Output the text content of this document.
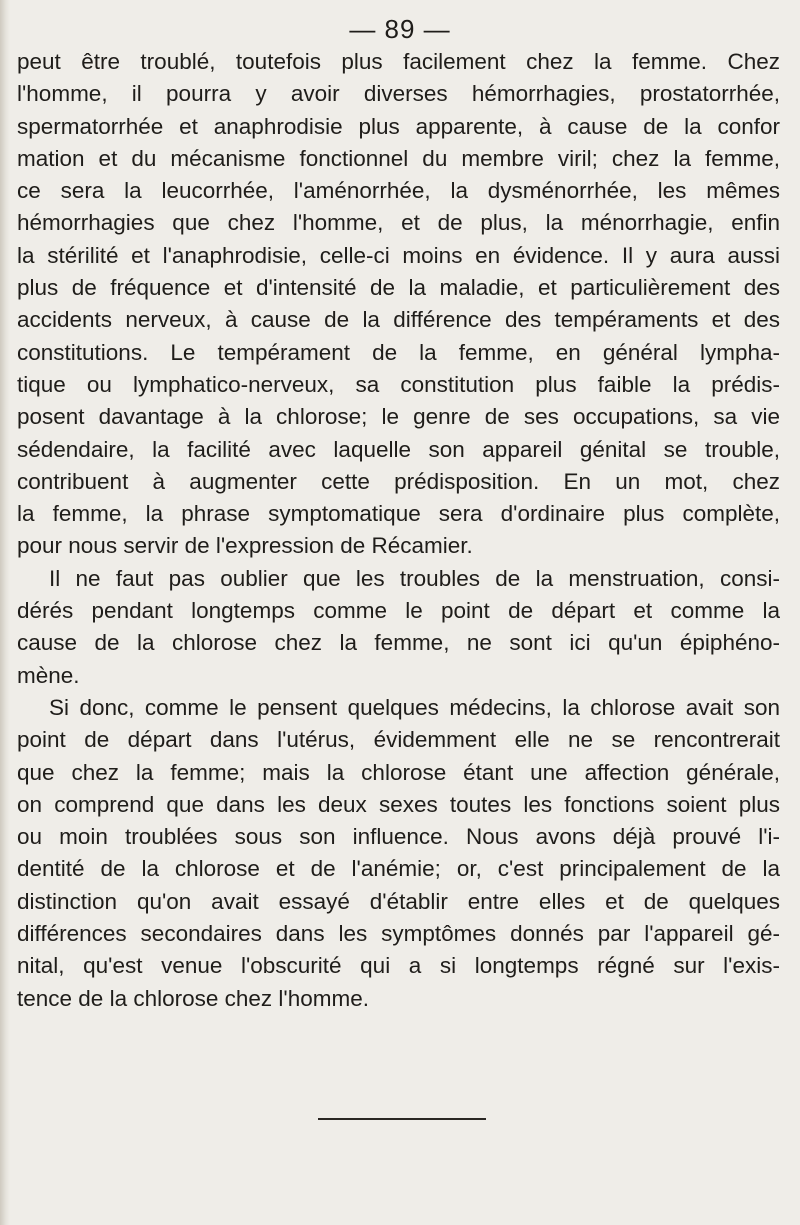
— 89 —
peut être troublé, toutefois plus facilement chez la femme. Chez
l'homme, il pourra y avoir diverses hémorrhagies, prostatorrhée,
spermatorrhée et anaphrodisie plus apparente, à cause de la confor
mation et du mécanisme fonctionnel du membre viril; chez la femme,
ce sera la leucorrhée, l'aménorrhée, la dysménorrhée, les mêmes
hémorrhagies que chez l'homme, et de plus, la ménorrhagie, enfin
la stérilité et l'anaphrodisie, celle-ci moins en évidence. Il y aura aussi
plus de fréquence et d'intensité de la maladie, et particulièrement des
accidents nerveux, à cause de la différence des tempéraments et des
constitutions. Le tempérament de la femme, en général lympha-
tique ou lymphatico-nerveux, sa constitution plus faible la prédis-
posent davantage à la chlorose; le genre de ses occupations, sa vie
sédendaire, la facilité avec laquelle son appareil génital se trouble,
contribuent à augmenter cette prédisposition. En un mot, chez
la femme, la phrase symptomatique sera d'ordinaire plus complète,
pour nous servir de l'expression de Récamier.
Il ne faut pas oublier que les troubles de la menstruation, consi-
dérés pendant longtemps comme le point de départ et comme la
cause de la chlorose chez la femme, ne sont ici qu'un épiphéno-
mène.
Si donc, comme le pensent quelques médecins, la chlorose avait son
point de départ dans l'utérus, évidemment elle ne se rencontrerait
que chez la femme; mais la chlorose étant une affection générale,
on comprend que dans les deux sexes toutes les fonctions soient plus
ou moin troublées sous son influence. Nous avons déjà prouvé l'i-
dentité de la chlorose et de l'anémie; or, c'est principalement de la
distinction qu'on avait essayé d'établir entre elles et de quelques
différences secondaires dans les symptômes donnés par l'appareil gé-
nital, qu'est venue l'obscurité qui a si longtemps régné sur l'exis-
tence de la chlorose chez l'homme.
